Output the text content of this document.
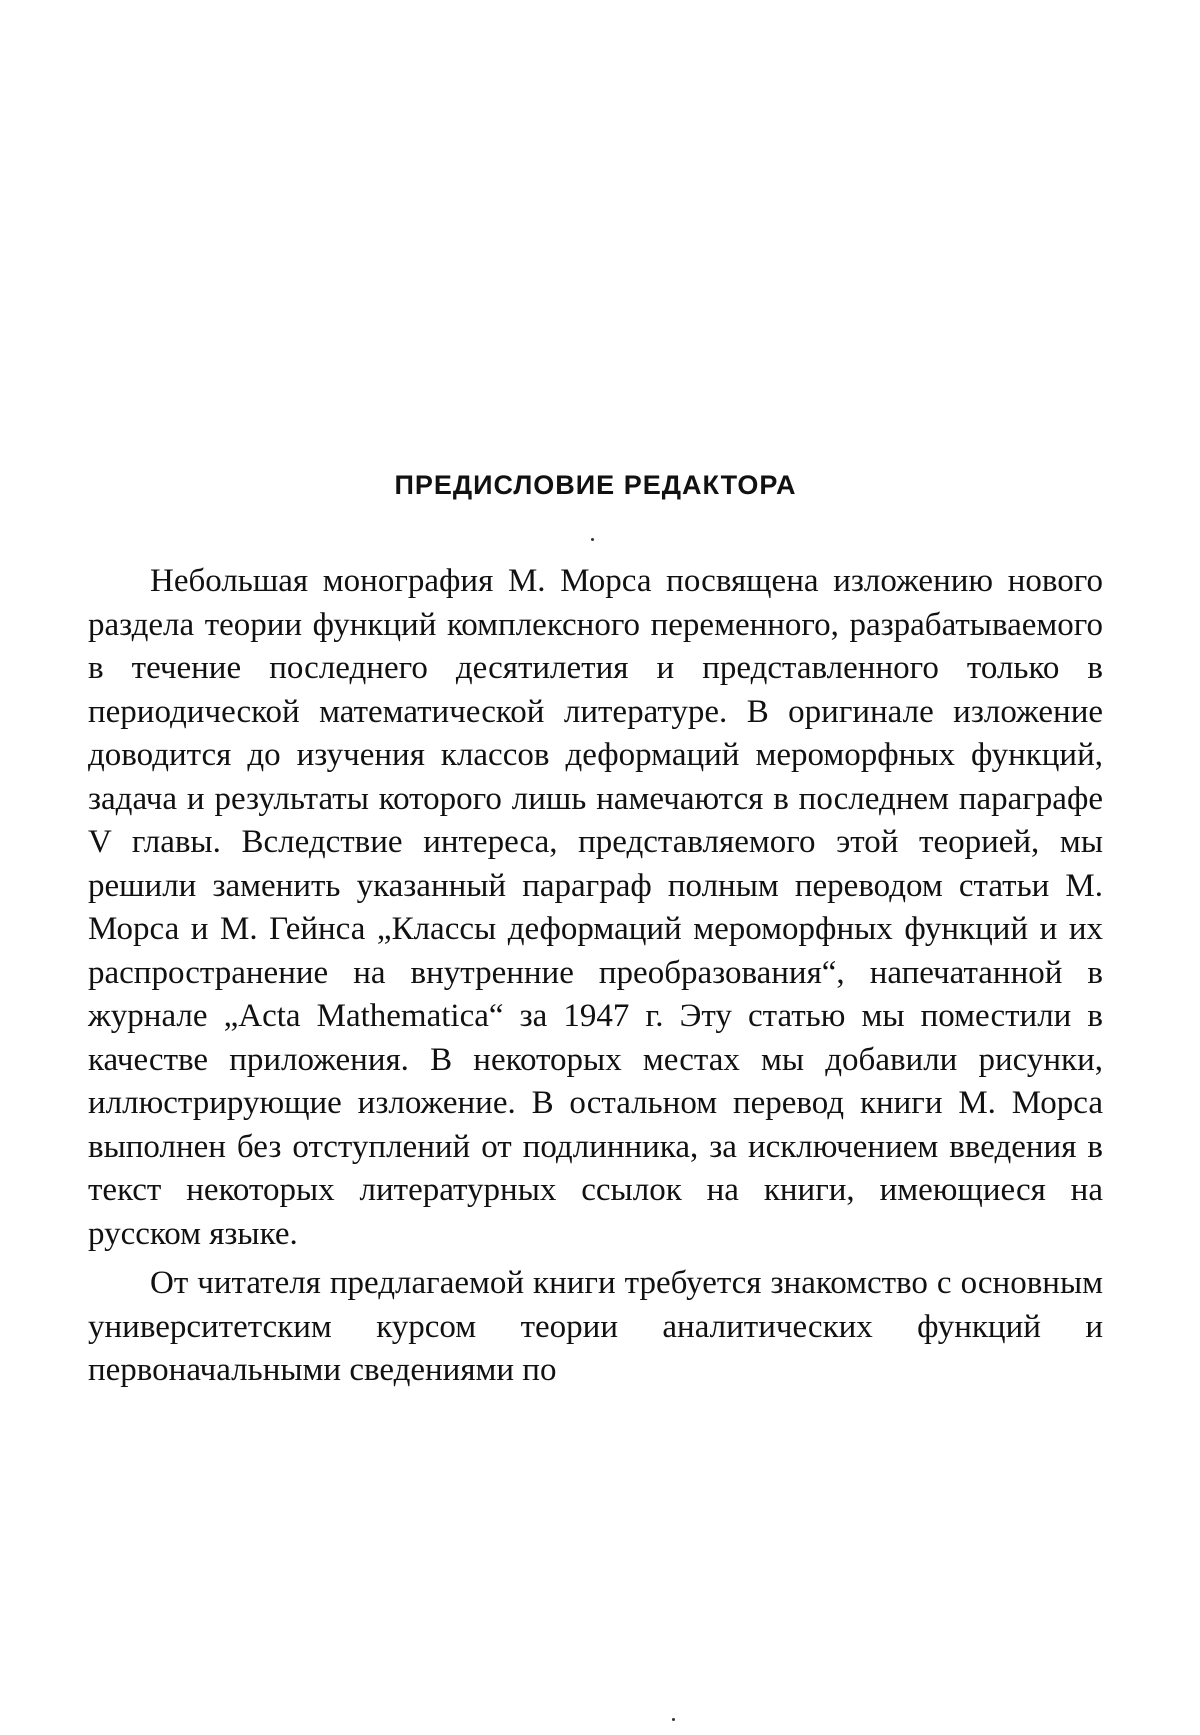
ПРЕДИСЛОВИЕ РЕДАКТОРА

Небольшая монография М. Морса посвящена изложению нового раздела теории функций комплексного переменного, разрабатываемого в течение последнего десятилетия и представленного только в периодической математической литературе. В оригинале изложение доводится до изучения классов деформаций мероморфных функций, задача и результаты которого лишь намечаются в последнем параграфе V главы. Вследствие интереса, представляемого этой теорией, мы решили заменить указанный параграф полным переводом статьи М. Морса и М. Гейнса „Классы деформаций мероморфных функций и их распространение на внутренние преобразования“, напечатанной в журнале „Acta Mathematica“ за 1947 г. Эту статью мы поместили в качестве приложения. В некоторых местах мы добавили рисунки, иллюстрирующие изложение. В остальном перевод книги М. Морса выполнен без отступлений от подлинника, за исключением введения в текст некоторых литературных ссылок на книги, имеющиеся на русском языке.

От читателя предлагаемой книги требуется знакомство с основным университетским курсом теории аналитических функций и первоначальными сведениями по
